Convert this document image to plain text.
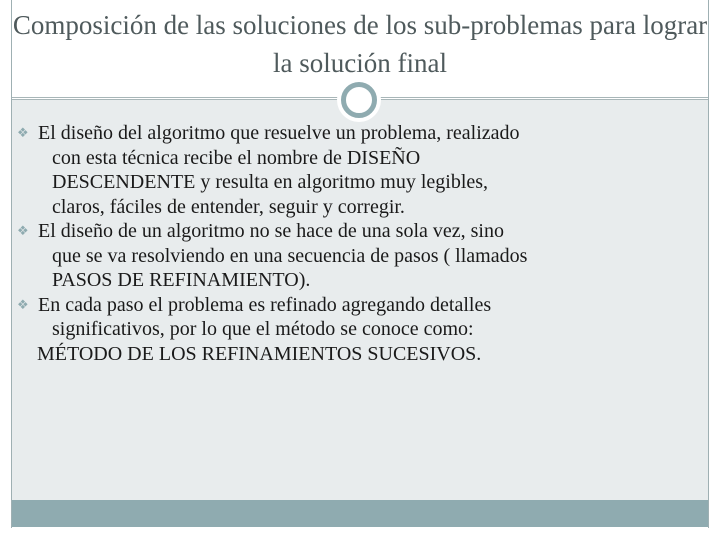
Composición de las soluciones de los sub-problemas para lograr la solución final
❖ El diseño del algoritmo que resuelve un problema, realizado
con esta técnica recibe el nombre de DISEÑO
DESCENDENTE y resulta en algoritmo muy legibles,
claros, fáciles de entender, seguir y corregir.
❖ El diseño de un algoritmo no se hace de una sola vez, sino
que se va resolviendo en una secuencia de pasos ( llamados
PASOS DE REFINAMIENTO).
❖ En cada paso el problema es refinado agregando detalles
significativos, por lo que el método se conoce como:
MÉTODO DE LOS REFINAMIENTOS SUCESIVOS.
